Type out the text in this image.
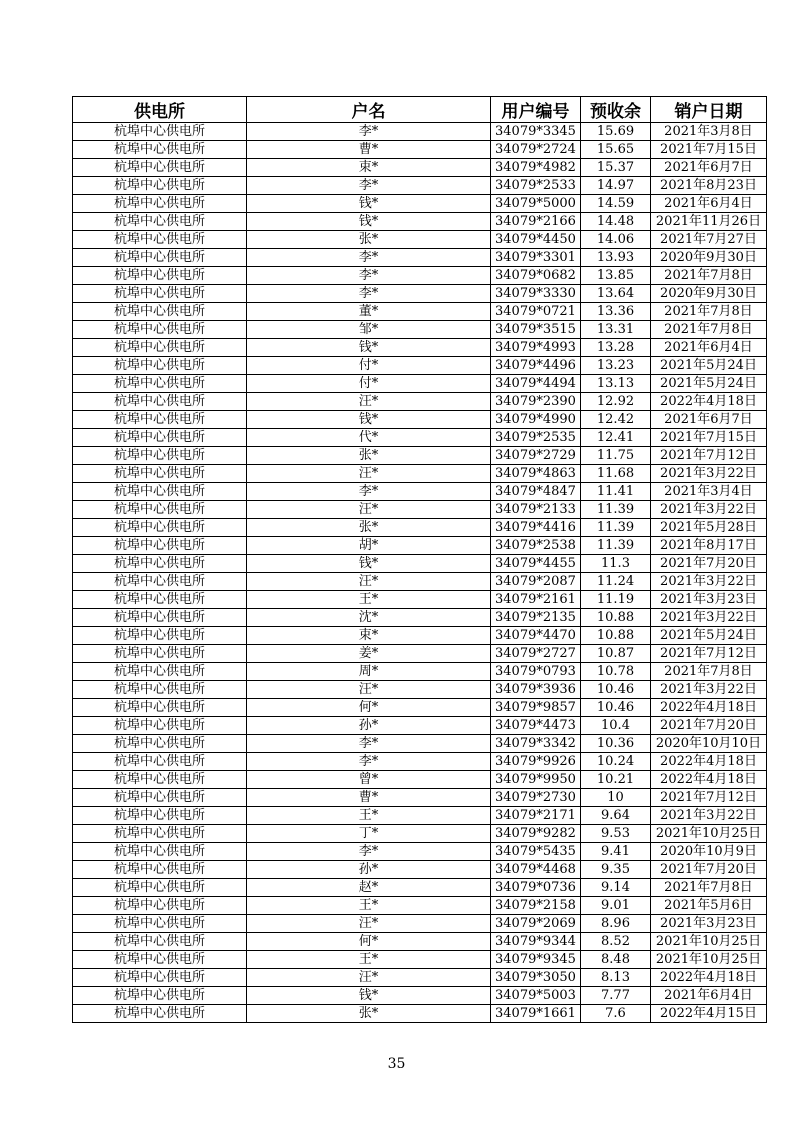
供电所	户名	用户编号	预收余	销户日期
杭埠中心供电所	李*	34079*3345	15.69	2021年3月8日
杭埠中心供电所	曹*	34079*2724	15.65	2021年7月15日
杭埠中心供电所	束*	34079*4982	15.37	2021年6月7日
杭埠中心供电所	李*	34079*2533	14.97	2021年8月23日
杭埠中心供电所	钱*	34079*5000	14.59	2021年6月4日
杭埠中心供电所	钱*	34079*2166	14.48	2021年11月26日
杭埠中心供电所	张*	34079*4450	14.06	2021年7月27日
杭埠中心供电所	李*	34079*3301	13.93	2020年9月30日
杭埠中心供电所	李*	34079*0682	13.85	2021年7月8日
杭埠中心供电所	李*	34079*3330	13.64	2020年9月30日
杭埠中心供电所	董*	34079*0721	13.36	2021年7月8日
杭埠中心供电所	邹*	34079*3515	13.31	2021年7月8日
杭埠中心供电所	钱*	34079*4993	13.28	2021年6月4日
杭埠中心供电所	付*	34079*4496	13.23	2021年5月24日
杭埠中心供电所	付*	34079*4494	13.13	2021年5月24日
杭埠中心供电所	汪*	34079*2390	12.92	2022年4月18日
杭埠中心供电所	钱*	34079*4990	12.42	2021年6月7日
杭埠中心供电所	代*	34079*2535	12.41	2021年7月15日
杭埠中心供电所	张*	34079*2729	11.75	2021年7月12日
杭埠中心供电所	汪*	34079*4863	11.68	2021年3月22日
杭埠中心供电所	李*	34079*4847	11.41	2021年3月4日
杭埠中心供电所	汪*	34079*2133	11.39	2021年3月22日
杭埠中心供电所	张*	34079*4416	11.39	2021年5月28日
杭埠中心供电所	胡*	34079*2538	11.39	2021年8月17日
杭埠中心供电所	钱*	34079*4455	11.3	2021年7月20日
杭埠中心供电所	汪*	34079*2087	11.24	2021年3月22日
杭埠中心供电所	王*	34079*2161	11.19	2021年3月23日
杭埠中心供电所	沈*	34079*2135	10.88	2021年3月22日
杭埠中心供电所	束*	34079*4470	10.88	2021年5月24日
杭埠中心供电所	姜*	34079*2727	10.87	2021年7月12日
杭埠中心供电所	周*	34079*0793	10.78	2021年7月8日
杭埠中心供电所	汪*	34079*3936	10.46	2021年3月22日
杭埠中心供电所	何*	34079*9857	10.46	2022年4月18日
杭埠中心供电所	孙*	34079*4473	10.4	2021年7月20日
杭埠中心供电所	李*	34079*3342	10.36	2020年10月10日
杭埠中心供电所	李*	34079*9926	10.24	2022年4月18日
杭埠中心供电所	曾*	34079*9950	10.21	2022年4月18日
杭埠中心供电所	曹*	34079*2730	10	2021年7月12日
杭埠中心供电所	王*	34079*2171	9.64	2021年3月22日
杭埠中心供电所	丁*	34079*9282	9.53	2021年10月25日
杭埠中心供电所	李*	34079*5435	9.41	2020年10月9日
杭埠中心供电所	孙*	34079*4468	9.35	2021年7月20日
杭埠中心供电所	赵*	34079*0736	9.14	2021年7月8日
杭埠中心供电所	王*	34079*2158	9.01	2021年5月6日
杭埠中心供电所	汪*	34079*2069	8.96	2021年3月23日
杭埠中心供电所	何*	34079*9344	8.52	2021年10月25日
杭埠中心供电所	王*	34079*9345	8.48	2021年10月25日
杭埠中心供电所	汪*	34079*3050	8.13	2022年4月18日
杭埠中心供电所	钱*	34079*5003	7.77	2021年6月4日
杭埠中心供电所	张*	34079*1661	7.6	2022年4月15日
35
